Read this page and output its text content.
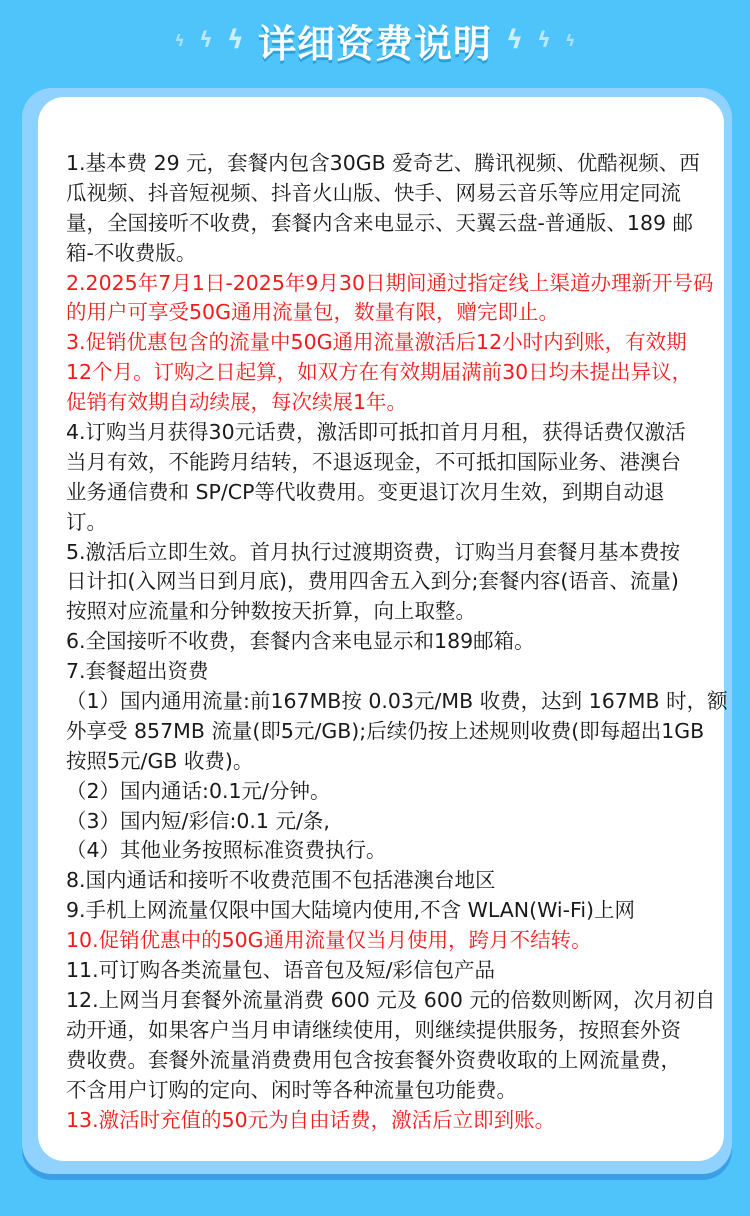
ϟ ϟ ϟ 详细资费说明 ϟ ϟ ϟ
1.基本费 29 元，套餐内包含30GB 爱奇艺、腾讯视频、优酷视频、西
瓜视频、抖音短视频、抖音火山版、快手、网易云音乐等应用定同流
量，全国接听不收费，套餐内含来电显示、天翼云盘-普通版、189 邮
箱-不收费版。
2.2025年7月1日-2025年9月30日期间通过指定线上渠道办理新开号码
的用户可享受50G通用流量包，数量有限，赠完即止。
3.促销优惠包含的流量中50G通用流量激活后12小时内到账，有效期
12个月。订购之日起算，如双方在有效期届满前30日均未提出异议，
促销有效期自动续展，每次续展1年。
4.订购当月获得30元话费，激活即可抵扣首月月租，获得话费仅激活
当月有效，不能跨月结转，不退返现金，不可抵扣国际业务、港澳台
业务通信费和 SP/CP等代收费用。变更退订次月生效，到期自动退
订。
5.激活后立即生效。首月执行过渡期资费，订购当月套餐月基本费按
日计扣(入网当日到月底)，费用四舍五入到分;套餐内容(语音、流量)
按照对应流量和分钟数按天折算，向上取整。
6.全国接听不收费，套餐内含来电显示和189邮箱。
7.套餐超出资费
（1）国内通用流量:前167MB按 0.03元/MB 收费，达到 167MB 时，额
外享受 857MB 流量(即5元/GB);后续仍按上述规则收费(即每超出1GB
按照5元/GB 收费)。
（2）国内通话:0.1元/分钟。
（3）国内短/彩信:0.1 元/条,
（4）其他业务按照标准资费执行。
8.国内通话和接听不收费范围不包括港澳台地区
9.手机上网流量仅限中国大陆境内使用,不含 WLAN(Wi-Fi)上网
10.促销优惠中的50G通用流量仅当月使用，跨月不结转。
11.可订购各类流量包、语音包及短/彩信包产品
12.上网当月套餐外流量消费 600 元及 600 元的倍数则断网，次月初自
动开通，如果客户当月申请继续使用，则继续提供服务，按照套外资
费收费。套餐外流量消费费用包含按套餐外资费收取的上网流量费，
不含用户订购的定向、闲时等各种流量包功能费。
13.激活时充值的50元为自由话费，激活后立即到账。
